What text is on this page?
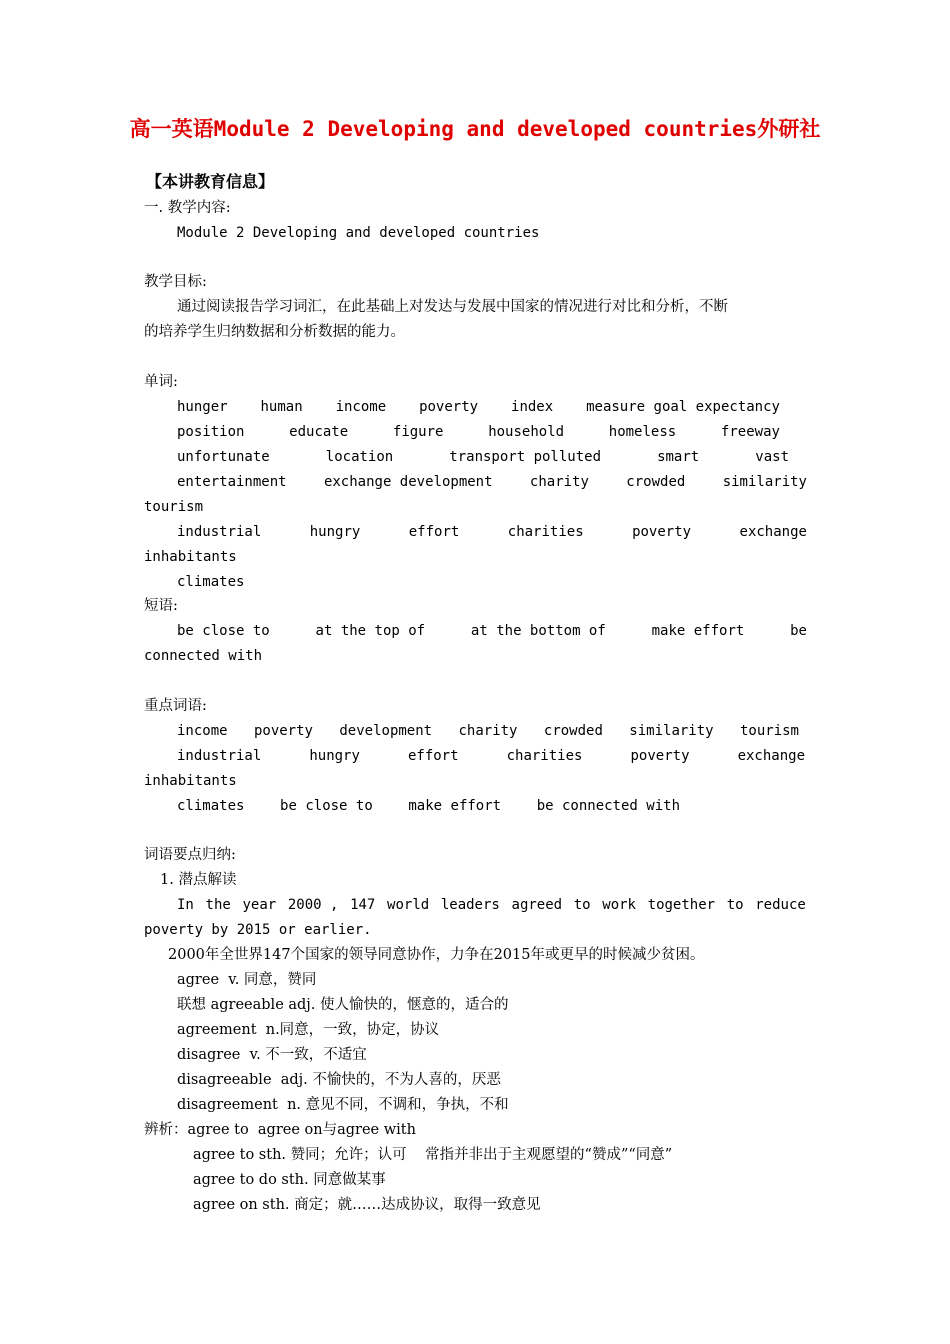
高一英语Module 2 Developing and developed countries外研社
【本讲教育信息】
一. 教学内容:
Module 2 Developing and developed countries
教学目标:
通过阅读报告学习词汇，在此基础上对发达与发展中国家的情况进行对比和分析，不断
的培养学生归纳数据和分析数据的能力。
单词:
hunger human income poverty index measure goal expectancy
position	educate	figure	household	homeless	freeway
unfortunate	location	transport polluted	smart	vast
entertainment	exchange development	charity	crowded	similarity
tourism
industrial	hungry	effort	charities	poverty	exchange
inhabitants
climates
短语:
be close to	at the top of	at the bottom of	make effort	be
connected with
重点词语:
income poverty development charity crowded similarity tourism
industrial	hungry	effort	charities	poverty	exchange
inhabitants
climates	be close to	make effort	be connected with
词语要点归纳:
1. 潜点解读
In the year 2000 , 147 world leaders agreed to work together to reduce
poverty by 2015 or earlier.
2000年全世界147个国家的领导同意协作，力争在2015年或更早的时候减少贫困。
agree  v. 同意，赞同
联想 agreeable adj. 使人愉快的，惬意的，适合的
agreement  n.同意，一致，协定，协议
disagree  v. 不一致，不适宜
disagreeable  adj. 不愉快的，不为人喜的，厌恶
disagreement  n. 意见不同，不调和，争执，不和
辨析：agree to  agree on与agree with
agree to sth. 赞同；允许；认可    常指并非出于主观愿望的“赞成”“同意”
agree to do sth. 同意做某事
agree on sth. 商定；就……达成协议，取得一致意见
